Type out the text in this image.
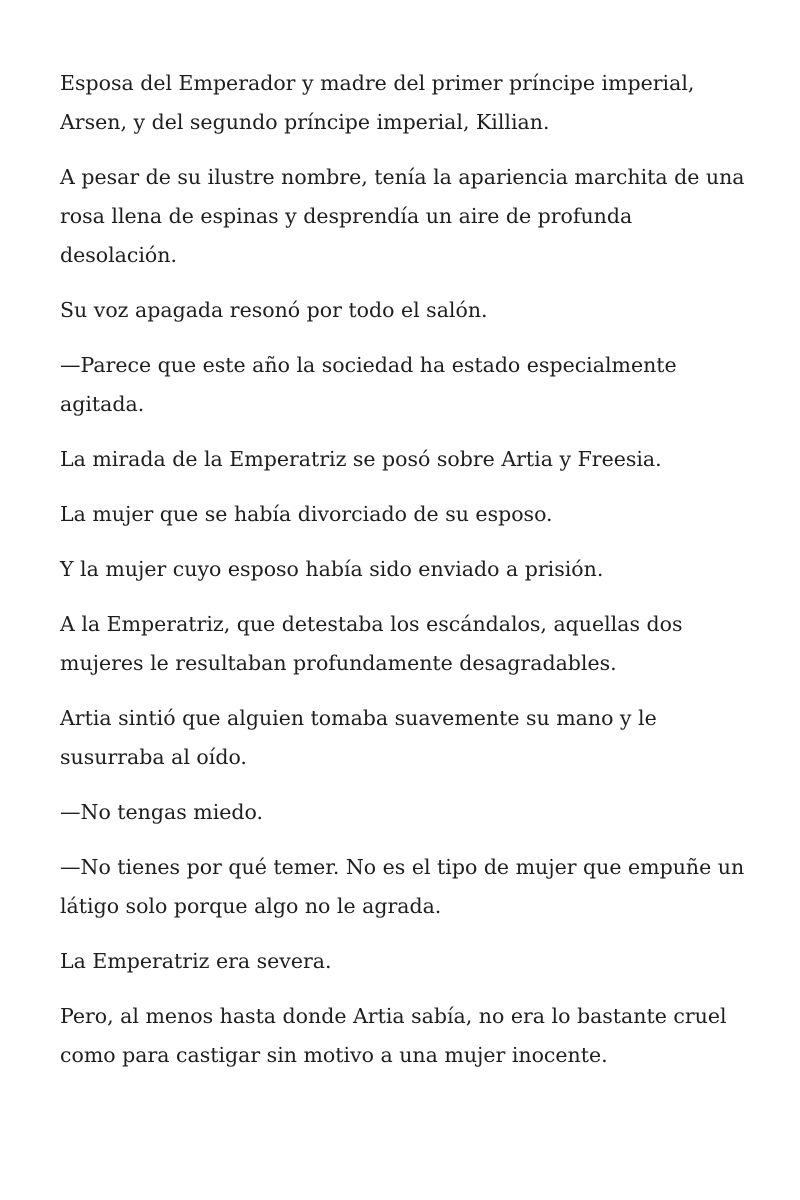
Esposa del Emperador y madre del primer príncipe imperial, Arsen, y del segundo príncipe imperial, Killian.

A pesar de su ilustre nombre, tenía la apariencia marchita de una rosa llena de espinas y desprendía un aire de profunda desolación.

Su voz apagada resonó por todo el salón.

—Parece que este año la sociedad ha estado especialmente agitada.

La mirada de la Emperatriz se posó sobre Artia y Freesia.

La mujer que se había divorciado de su esposo.

Y la mujer cuyo esposo había sido enviado a prisión.

A la Emperatriz, que detestaba los escándalos, aquellas dos mujeres le resultaban profundamente desagradables.

Artia sintió que alguien tomaba suavemente su mano y le susurraba al oído.

—No tengas miedo.

—No tienes por qué temer. No es el tipo de mujer que empuñe un látigo solo porque algo no le agrada.

La Emperatriz era severa.

Pero, al menos hasta donde Artia sabía, no era lo bastante cruel como para castigar sin motivo a una mujer inocente.
